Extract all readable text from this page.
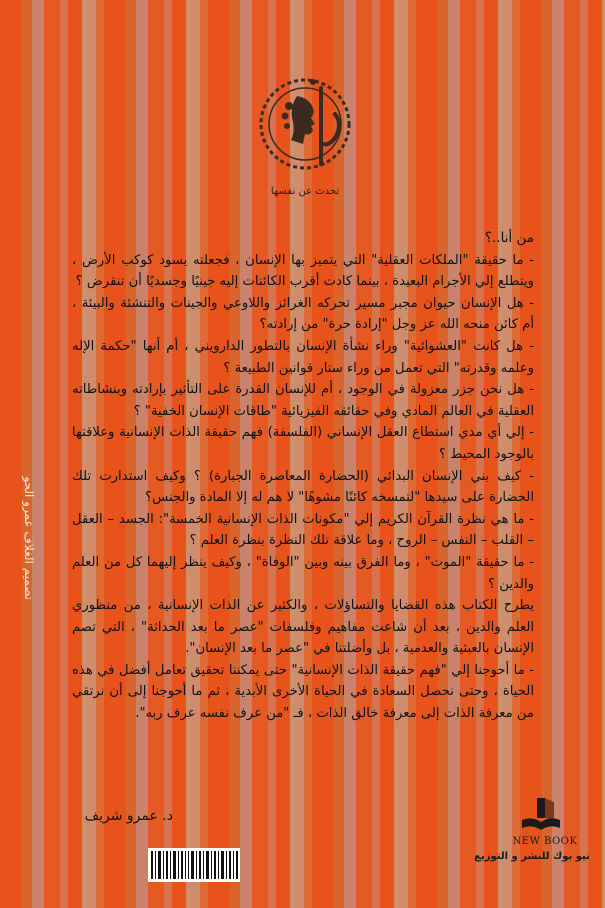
تحدث عن نفسها
تصميم الغلاف عمرو الحو

من أنا..؟

- ما حقيقة "الملكات العقلية" التي يتميز بها الإنسان ، فجعلته يسود كوكب الأرض ، ويتطلع إلي الأجرام البعيدة ، بينما كادت أقرب الكائنات إليه جينيًا وجسديًا أن تنقرض ؟

- هل الإنسان حيوان مجبر مسير تحركه الغرائز واللاوعي والجينات والتنشئة والبيئة ، أم كائن منحه الله عز وجل "إرادة حرة" من إرادته؟

- هل كانت "العشوائية" وراء نشأة الإنسان بالتطور الدارويني ، أم أنها "حكمة الإله وعلمه وقدرته" التي تعمل من وراء ستار قوانين الطبيعة ؟

- هل نحن جزر معزولة في الوجود ، أم للإنسان القدرة على التأثير بإرادته وبنشاطاته العقلية في العالم المادي وفي حقائقه الفيزيائية "طاقات الإنسان الخفية" ؟

- إلي أي مدي استطاع العقل الإنساني (الفلسفة) فهم حقيقة الذات الإنسانية وعلاقتها بالوجود المحيط ؟

- كيف بني الإنسان البدائي (الحضارة المعاصرة الجبارة) ؟ وكيف استدارت تلك الحضارة على سيدها "لتمسخه كائنًا مشوهًا" لا هم له إلا المادة والجنس؟

- ما هي نظرة القرآن الكريم إلي "مكونات الذات الإنسانية الخمسة": الجسد – العقل – القلب – النفس – الروح ، وما علاقة تلك النظرة بنظرة العلم ؟

- ما حقيقة "الموت" ، وما الفرق بينه وبين "الوفاة" ، وكيف ينظر إليهما كل من العلم والدين ؟

يطرح الكتاب هذه القضايا والتساؤلات ، والكثير عن الذات الإنسانية ، من منظوري العلم والدين ، بعد أن شاعت مفاهيم وفلسفات "عصر ما بعد الحداثة" ، التي تصم الإنسان بالعبثية والعدمية ، بل وأضلتنا في "عصر ما بعد الإنسان".

- ما أحوجنا إلي "فهم حقيقة الذات الإنسانية" حتى يمكننا تحقيق تعامل أفضل في هذه الحياة ، وحتى نحصل السعادة في الحياة الأخرى الأبدية ، ثم ما أحوجنا إلى أن نرتقي من معرفة الذات إلى معرفة خالق الذات ، فـ "من عرف نفسه عرف ربه".

د. عمرو شريف
NEW BOOK
نيو بوك للنشر و التوزيع
